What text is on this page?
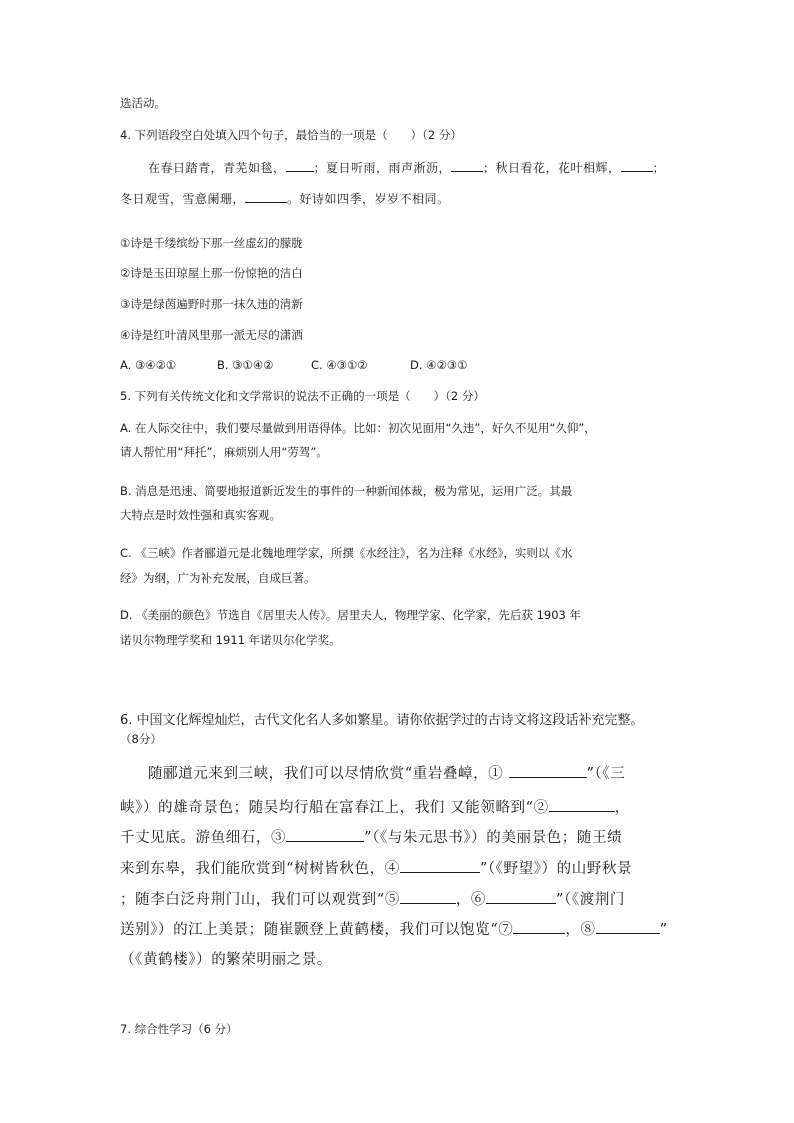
选活动。
4. 下列语段空白处填入四个句子，最恰当的一项是（　　）（2 分）
在春日踏青，青芜如毯， ；夏日听雨，雨声淅沥，	；秋日看花，花叶相辉，	；
冬日观雪，雪意阑珊，	。好诗如四季，岁岁不相同。
①诗是千缕缤纷下那一丝虚幻的朦胧
②诗是玉田琼屋上那一份惊艳的洁白
③诗是绿茵遍野时那一抹久违的清新
④诗是红叶清风里那一派无尽的潇洒
A. ③④②①	B. ③①④②	C. ④③①②	D. ④②③①
5. 下列有关传统文化和文学常识的说法不正确的一项是（　　）（2 分）
A. 在人际交往中，我们要尽量做到用语得体。比如：初次见面用“久违”，好久不见用“久仰”，
请人帮忙用“拜托”，麻烦别人用“劳驾”。
B. 消息是迅速、简要地报道新近发生的事件的一种新闻体裁，极为常见，运用广泛。其最
大特点是时效性强和真实客观。
C. 《三峡》作者郦道元是北魏地理学家，所撰《水经注》，名为注释《水经》，实则以《水
经》为纲，广为补充发展，自成巨著。
D. 《美丽的颜色》节选自《居里夫人传》。居里夫人，物理学家、化学家，先后获 1903 年
诺贝尔物理学奖和 1911 年诺贝尔化学奖。
6. 中国文化辉煌灿烂，古代文化名人多如繁星。请你依据学过的古诗文将这段话补充完整。
（8分）
随郦道元来到三峡，我们可以尽情欣赏“重岩叠嶂，①	”（《三
峡》）的雄奇景色；随吴均行船在富春江上，我们 又能领略到“②	，
千丈见底。游鱼细石，③	”（《与朱元思书》）的美丽景色；随王绩
来到东皋，我们能欣赏到“树树皆秋色，④	”（《野望》）的山野秋景
；随李白泛舟荆门山，我们可以观赏到“⑤	，⑥	”（《渡荆门
送别》）的江上美景；随崔颢登上黄鹤楼，我们可以饱览“⑦	，⑧	”
（《黄鹤楼》）的繁荣明丽之景。
7. 综合性学习（6 分）
